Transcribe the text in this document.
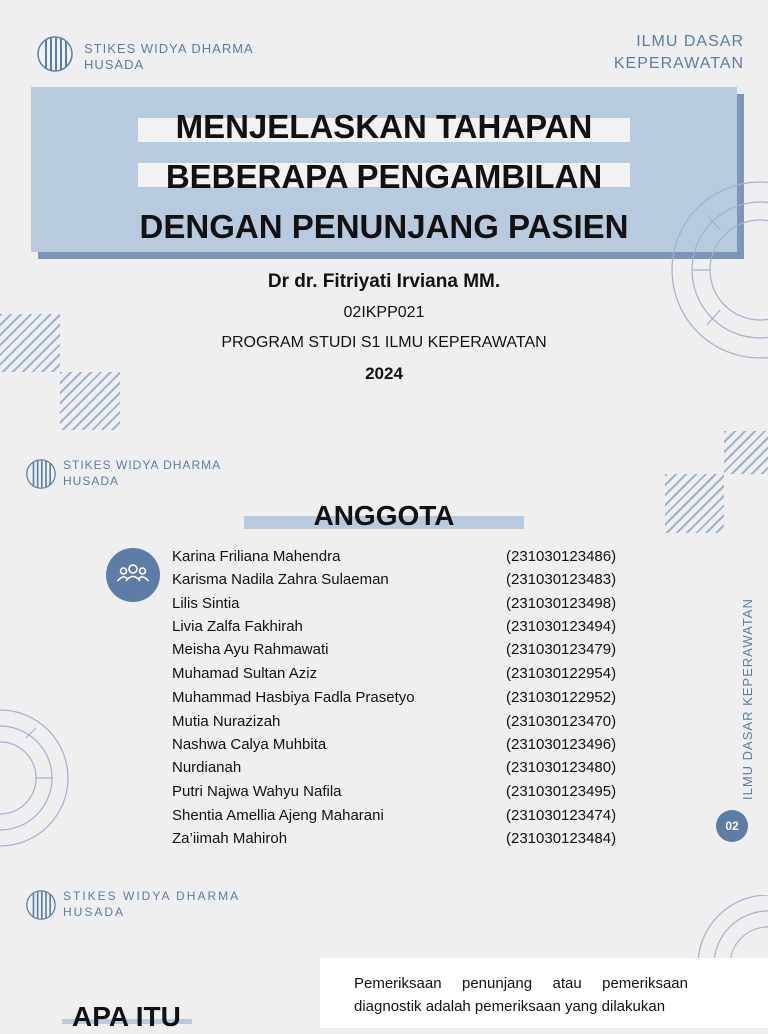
STIKES WIDYA DHARMA
HUSADA
ILMU DASAR
KEPERAWATAN
MENJELASKAN TAHAPAN
BEBERAPA PENGAMBILAN
DENGAN PENUNJANG PASIEN
Dr dr. Fitriyati Irviana MM.
02IKPP021
PROGRAM STUDI S1 ILMU KEPERAWATAN
2024
STIKES WIDYA DHARMA
HUSADA
ANGGOTA
Karina Friliana Mahendra	(231030123486)
Karisma Nadila Zahra Sulaeman	(231030123483)
Lilis Sintia	(231030123498)
Livia Zalfa Fakhirah	(231030123494)
Meisha Ayu Rahmawati	(231030123479)
Muhamad Sultan Aziz	(231030122954)
Muhammad Hasbiya Fadla Prasetyo	(231030122952)
Mutia Nurazizah	(231030123470)
Nashwa Calya Muhbita	(231030123496)
Nurdianah	(231030123480)
Putri Najwa Wahyu Nafila	(231030123495)
Shentia Amellia Ajeng Maharani	(231030123474)
Za’iimah Mahiroh	(231030123484)
ILMU DASAR KEPERAWATAN
02
STIKES WIDYA DHARMA
HUSADA
Pemeriksaan penunjang atau pemeriksaan diagnostik adalah pemeriksaan yang dilakukan
APA ITU
